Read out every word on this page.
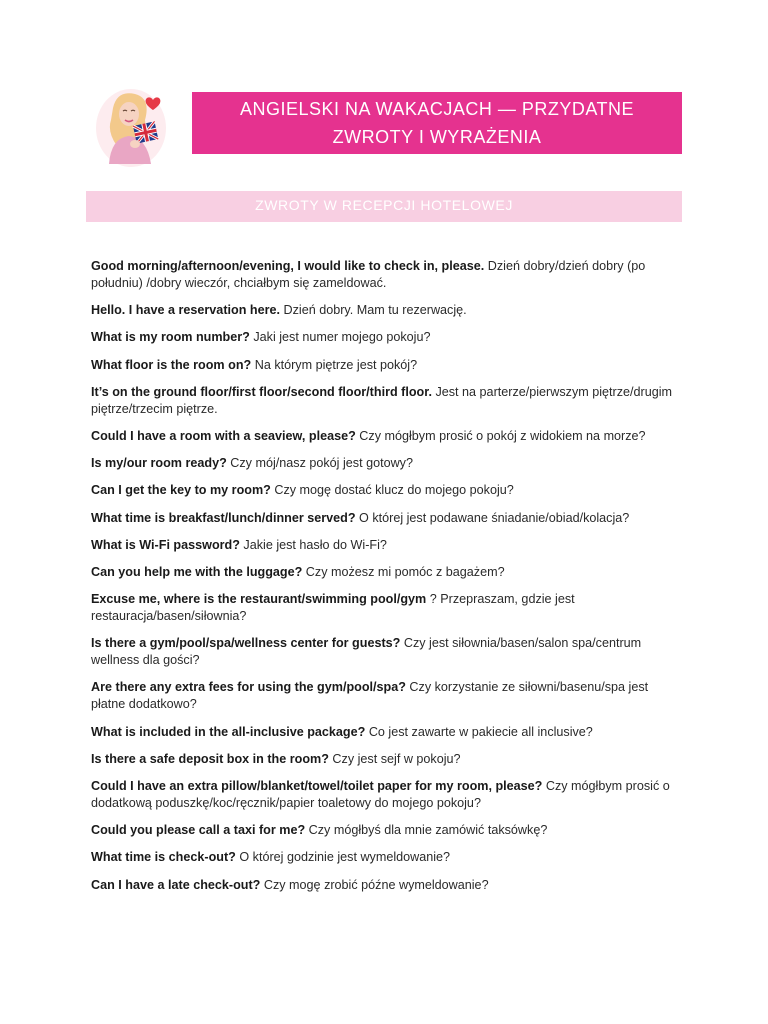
ANGIELSKI NA WAKACJACH — PRZYDATNE
ZWROTY I WYRAŻENIA
ZWROTY W RECEPCJI HOTELOWEJ
Good morning/afternoon/evening, I would like to check in, please. Dzień dobry/dzień dobry (po południu) /dobry wieczór, chciałbym się zameldować.
Hello. I have a reservation here. Dzień dobry. Mam tu rezerwację.
What is my room number? Jaki jest numer mojego pokoju?
What floor is the room on? Na którym piętrze jest pokój?
It’s on the ground floor/first floor/second floor/third floor. Jest na parterze/pierwszym piętrze/drugim piętrze/trzecim piętrze.
Could I have a room with a seaview, please? Czy mógłbym prosić o pokój z widokiem na morze?
Is my/our room ready? Czy mój/nasz pokój jest gotowy?
Can I get the key to my room? Czy mogę dostać klucz do mojego pokoju?
What time is breakfast/lunch/dinner served? O której jest podawane śniadanie/obiad/kolacja?
What is Wi-Fi password? Jakie jest hasło do Wi-Fi?
Can you help me with the luggage? Czy możesz mi pomóc z bagażem?
Excuse me, where is the restaurant/swimming pool/gym ? Przepraszam, gdzie jest restauracja/basen/siłownia?
Is there a gym/pool/spa/wellness center for guests? Czy jest siłownia/basen/salon spa/centrum wellness dla gości?
Are there any extra fees for using the gym/pool/spa? Czy korzystanie ze siłowni/basenu/spa jest płatne dodatkowo?
What is included in the all-inclusive package? Co jest zawarte w pakiecie all inclusive?
Is there a safe deposit box in the room? Czy jest sejf w pokoju?
Could I have an extra pillow/blanket/towel/toilet paper for my room, please? Czy mógłbym prosić o dodatkową poduszkę/koc/ręcznik/papier toaletowy do mojego pokoju?
Could you please call a taxi for me? Czy mógłbyś dla mnie zamówić taksówkę?
What time is check-out? O której godzinie jest wymeldowanie?
Can I have a late check-out? Czy mogę zrobić późne wymeldowanie?
